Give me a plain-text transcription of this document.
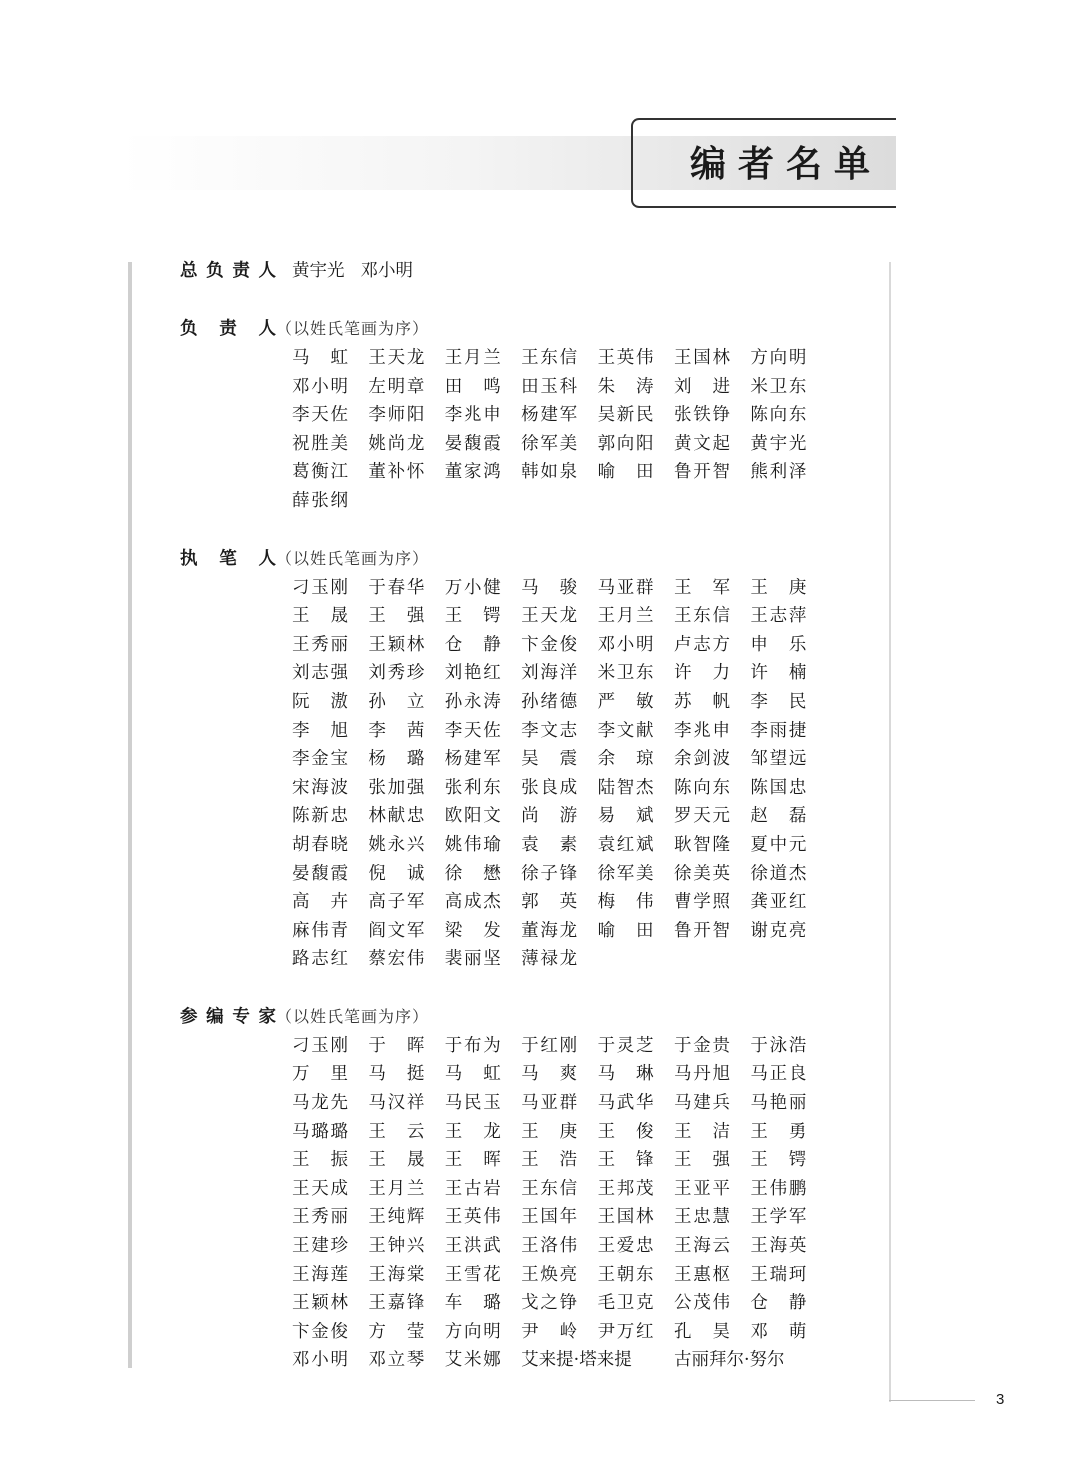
编者名单
3
总负责人 黄宇光 邓小明
负责人（以姓氏笔画为序）
马虹 王天龙 王月兰 王东信 王英伟 王国林 方向明
邓小明 左明章 田鸣 田玉科 朱涛 刘进 米卫东
李天佐 李师阳 李兆申 杨建军 吴新民 张铁铮 陈向东
祝胜美 姚尚龙 晏馥霞 徐军美 郭向阳 黄文起 黄宇光
葛衡江 董补怀 董家鸿 韩如泉 喻田 鲁开智 熊利泽
薛张纲
执笔人（以姓氏笔画为序）
刁玉刚 于春华 万小健 马骏 马亚群 王军 王庚
王晟 王强 王锷 王天龙 王月兰 王东信 王志萍
王秀丽 王颖林 仓静 卞金俊 邓小明 卢志方 申乐
刘志强 刘秀珍 刘艳红 刘海洋 米卫东 许力 许楠
阮滶 孙立 孙永涛 孙绪德 严敏 苏帆 李民
李旭 李茜 李天佐 李文志 李文献 李兆申 李雨捷
李金宝 杨璐 杨建军 吴震 余琼 余剑波 邹望远
宋海波 张加强 张利东 张良成 陆智杰 陈向东 陈国忠
陈新忠 林献忠 欧阳文 尚游 易斌 罗天元 赵磊
胡春晓 姚永兴 姚伟瑜 袁素 袁红斌 耿智隆 夏中元
晏馥霞 倪诚 徐懋 徐子锋 徐军美 徐美英 徐道杰
高卉 高子军 高成杰 郭英 梅伟 曹学照 龚亚红
麻伟青 阎文军 梁发 董海龙 喻田 鲁开智 谢克亮
路志红 蔡宏伟 裴丽坚 薄禄龙
参编专家（以姓氏笔画为序）
刁玉刚 于晖 于布为 于红刚 于灵芝 于金贵 于泳浩
万里 马挺 马虹 马爽 马琳 马丹旭 马正良
马龙先 马汉祥 马民玉 马亚群 马武华 马建兵 马艳丽
马璐璐 王云 王龙 王庚 王俊 王洁 王勇
王振 王晟 王晖 王浩 王锋 王强 王锷
王天成 王月兰 王古岩 王东信 王邦茂 王亚平 王伟鹏
王秀丽 王纯辉 王英伟 王国年 王国林 王忠慧 王学军
王建珍 王钟兴 王洪武 王洛伟 王爱忠 王海云 王海英
王海莲 王海棠 王雪花 王焕亮 王朝东 王惠枢 王瑞珂
王颖林 王嘉锋 车璐 戈之铮 毛卫克 公茂伟 仓静
卞金俊 方莹 方向明 尹岭 尹万红 孔昊 邓萌
邓小明 邓立琴 艾米娜 艾来提·塔来提	古丽拜尔·努尔
